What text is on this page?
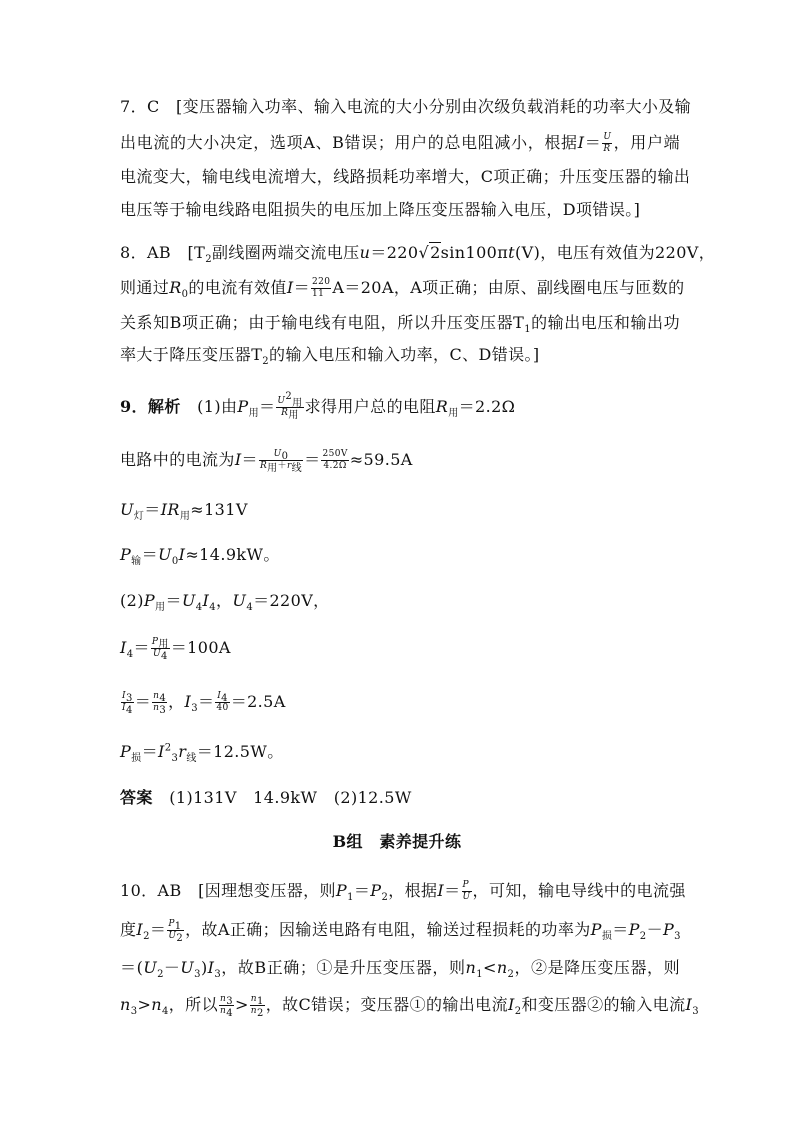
7．C　[变压器输入功率、输入电流的大小分别由次级负载消耗的功率大小及输
出电流的大小决定，选项A、B错误；用户的总电阻减小，根据$I= \frac{U}{R}$ ，用户端
电流变大，输电线电流增大，线路损耗功率增大，C项正确；升压变压器的输出
电压等于输电线路电阻损失的电压加上降压变压器输入电压，D项错误。]
8．AB　[$T_2$副线圈两端交流电压u＝220√2sin100πt(V)，电压有效值为220V，
则通过$R_0$的电流有效值$I= \frac{220}{11} A=20A$，A项正确；由原、副线圈电压与匝数的
关系知B项正确；由于输电线有电阻，所以升压变压器$T_1$的输出电压和输出功
率大于降压变压器$T_2$的输入电压和输入功率，C、D错误。]
9．解析　 (1)由$P_用= \frac{U^2_用}{R_用}$ 求得用户总的电阻$R_用=2.2\Omega$
电路中的电流为$I= \frac{U_0}{R_用+r_线} = \frac{250V}{4.2\Omega} \approx 59.5A$
$U_灯=IR_用\approx 131V$
$P_输=U_0I\approx 14.9kW$。
$(2)P_用=U_4I_4$，$U_4=220V$，
$I_4= \frac{P_用}{U_4} =100A$
$\frac{I_3}{I_4} = \frac{n_4}{n_3}$ ，$I_3= \frac{I_4}{40} =2.5A$
$P_损=I^2_3r_线=12.5W$。
答案　 (1)131V　14.9kW　(2)12.5W
B组　素养提升练
10．AB　[因理想变压器，则$P_1=P_2$，根据$I= \frac{P}{U}$ ，可知，输电导线中的电流强
度$I_2= \frac{P_1}{U_2}$ ，故A正确；因输送电路有电阻，输送过程损耗的功率为$P_损=P_2-P_3$
$=(U_2-U_3)I_3$，故B正确；①是升压变压器，则$n_1<n_2$，②是降压变压器，则
$n_3>n_4$，所以 $\frac{n_3}{n_4} > \frac{n_1}{n_2}$ ，故C错误；变压器①的输出电流$I_2$和变压器②的输入电流$I_3$
